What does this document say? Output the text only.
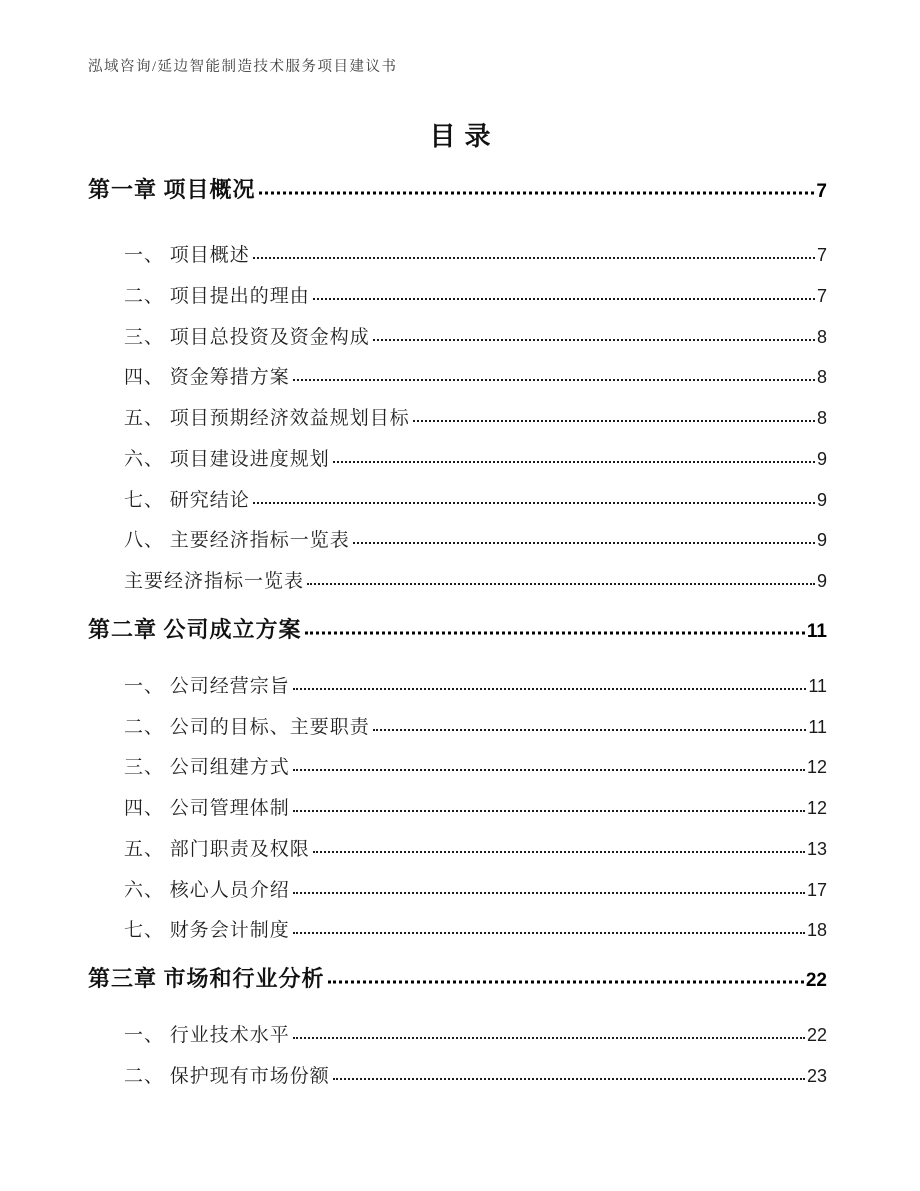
泓域咨询/延边智能制造技术服务项目建议书
目录
第一章 项目概况	7
一、 项目概述	7
二、 项目提出的理由	7
三、 项目总投资及资金构成	8
四、 资金筹措方案	8
五、 项目预期经济效益规划目标	8
六、 项目建设进度规划	9
七、 研究结论	9
八、 主要经济指标一览表	9
主要经济指标一览表	9
第二章 公司成立方案	11
一、 公司经营宗旨	11
二、 公司的目标、主要职责	11
三、 公司组建方式	12
四、 公司管理体制	12
五、 部门职责及权限	13
六、 核心人员介绍	17
七、 财务会计制度	18
第三章 市场和行业分析	22
一、 行业技术水平	22
二、 保护现有市场份额	23
